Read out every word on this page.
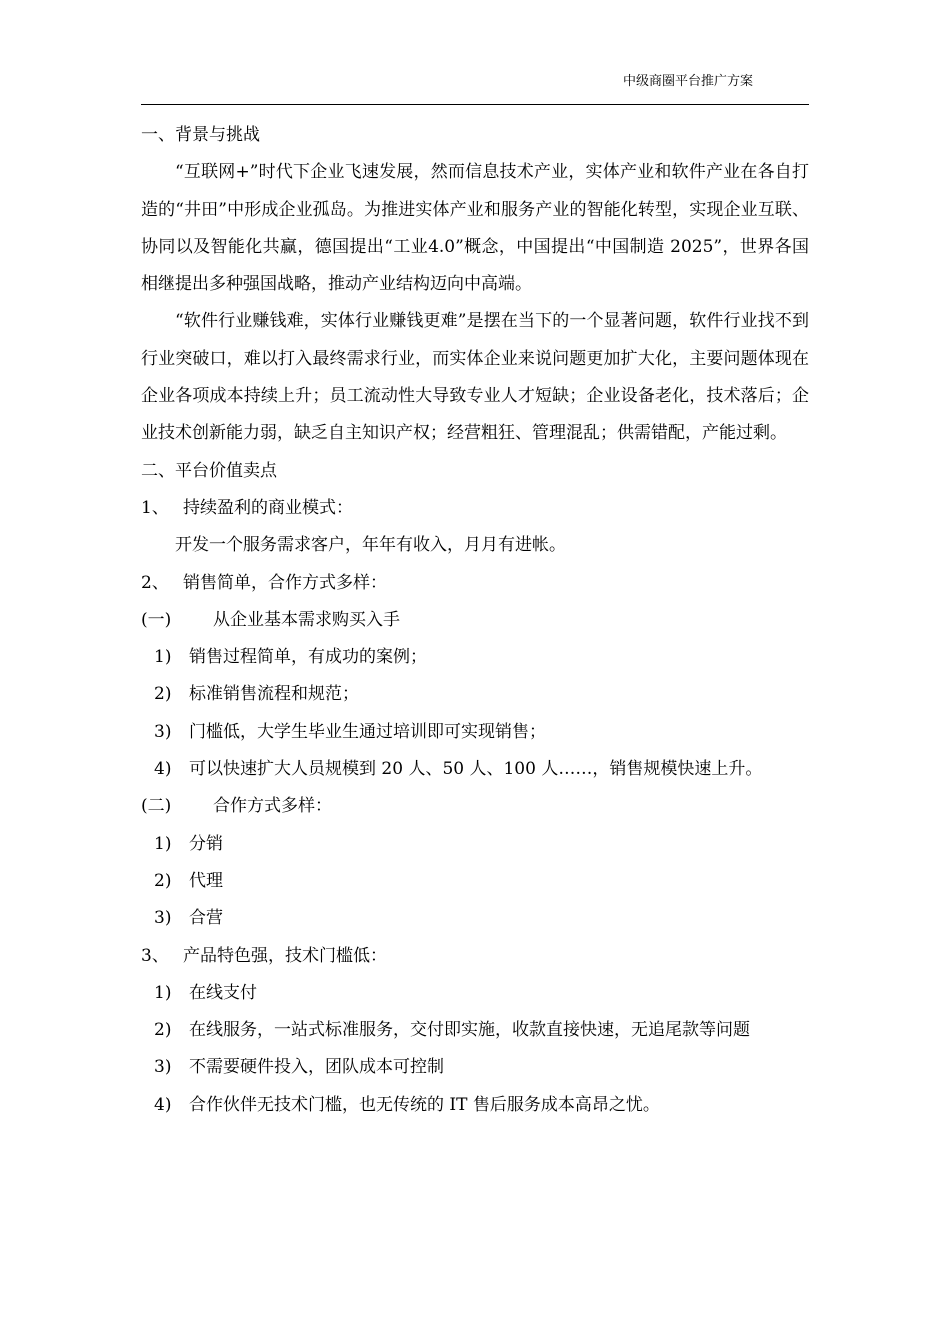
中级商圈平台推广方案

一、背景与挑战

“互联网+”时代下企业飞速发展，然而信息技术产业，实体产业和软件产业在各自打造的“井田”中形成企业孤岛。为推进实体产业和服务产业的智能化转型，实现企业互联、协同以及智能化共赢，德国提出“工业4.0”概念，中国提出“中国制造 2025”，世界各国相继提出多种强国战略，推动产业结构迈向中高端。

“软件行业赚钱难，实体行业赚钱更难”是摆在当下的一个显著问题，软件行业找不到行业突破口，难以打入最终需求行业，而实体企业来说问题更加扩大化，主要问题体现在企业各项成本持续上升；员工流动性大导致专业人才短缺；企业设备老化，技术落后；企业技术创新能力弱，缺乏自主知识产权；经营粗狂、管理混乱；供需错配，产能过剩。

二、平台价值卖点

1、 持续盈利的商业模式：

开发一个服务需求客户，年年有收入，月月有进帐。

2、 销售简单，合作方式多样：

(一) 从企业基本需求购买入手

1) 销售过程简单，有成功的案例；

2) 标准销售流程和规范；

3) 门槛低，大学生毕业生通过培训即可实现销售；

4) 可以快速扩大人员规模到 20 人、50 人、100 人……，销售规模快速上升。

(二) 合作方式多样：

1) 分销

2) 代理

3) 合营

3、 产品特色强，技术门槛低：

1) 在线支付

2) 在线服务，一站式标准服务，交付即实施，收款直接快速，无追尾款等问题

3) 不需要硬件投入，团队成本可控制

4) 合作伙伴无技术门槛，也无传统的 IT 售后服务成本高昂之忧。
